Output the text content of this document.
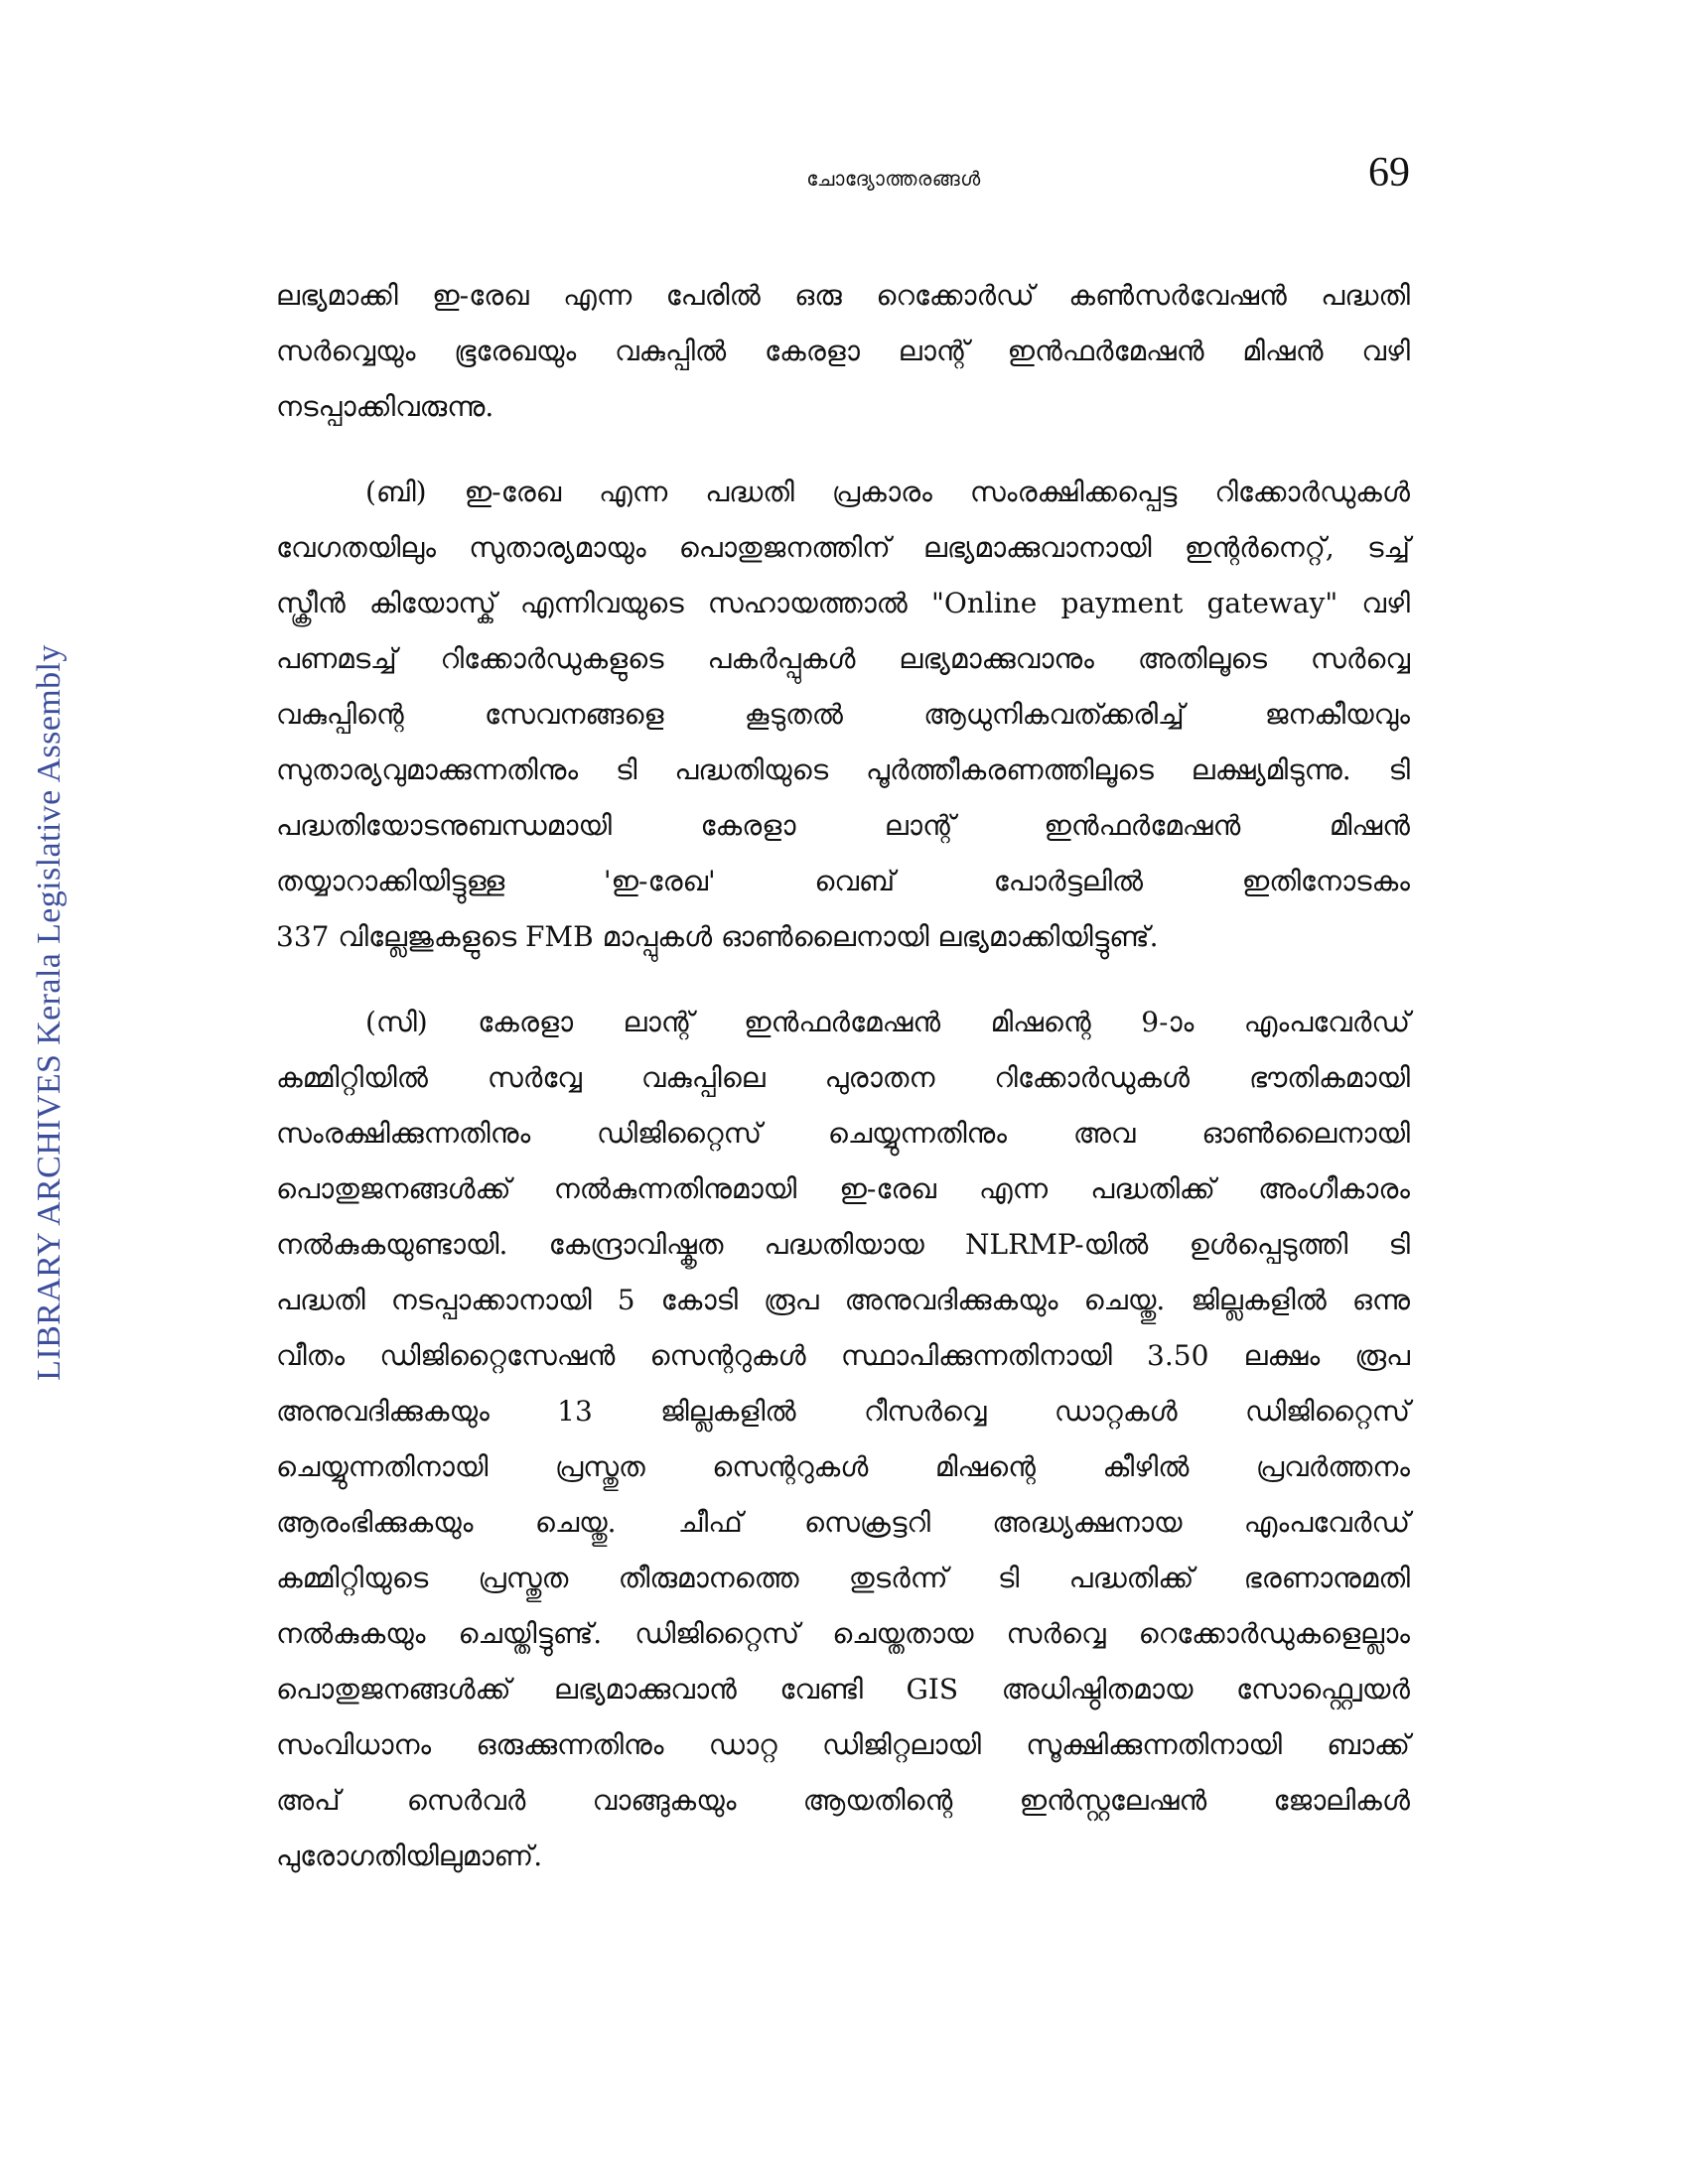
ചോദ്യോത്തരങ്ങൾ	69
LIBRARY ARCHIVES Kerala Legislative Assembly

ലഭ്യമാക്കി ഇ-രേഖ എന്ന പേരിൽ ഒരു റെക്കോർഡ് കൺസർവേഷൻ പദ്ധതി

സർവ്വെയും ഭൂരേഖയും വകുപ്പിൽ കേരളാ ലാന്റ് ഇൻഫർമേഷൻ മിഷൻ വഴി

നടപ്പാക്കിവരുന്നു.

(ബി) ഇ-രേഖ എന്ന പദ്ധതി പ്രകാരം സംരക്ഷിക്കപ്പെട്ട റിക്കോർഡുകൾ

വേഗതയിലും സുതാര്യമായും പൊതുജനത്തിന് ലഭ്യമാക്കുവാനായി ഇന്റർനെറ്റ്, ടച്ച്

സ്ക്രീൻ കിയോസ്ക് എന്നിവയുടെ സഹായത്താൽ "Online payment gateway" വഴി

പണമടച്ച് റിക്കോർഡുകളുടെ പകർപ്പുകൾ ലഭ്യമാക്കുവാനും അതിലൂടെ സർവ്വെ

വകുപ്പിന്റെ സേവനങ്ങളെ കൂടുതൽ ആധുനികവത്ക്കരിച്ച് ജനകീയവും

സുതാര്യവുമാക്കുന്നതിനും ടി പദ്ധതിയുടെ പൂർത്തീകരണത്തിലൂടെ ലക്ഷ്യമിടുന്നു. ടി

പദ്ധതിയോടനുബന്ധമായി കേരളാ ലാന്റ് ഇൻഫർമേഷൻ മിഷൻ

തയ്യാറാക്കിയിട്ടുള്ള 'ഇ-രേഖ' വെബ് പോർട്ടലിൽ ഇതിനോടകം

337 വില്ലേജുകളുടെ FMB മാപ്പുകൾ ഓൺലൈനായി ലഭ്യമാക്കിയിട്ടുണ്ട്.

(സി) കേരളാ ലാന്റ് ഇൻഫർമേഷൻ മിഷന്റെ 9-ാം എംപവേർഡ്

കമ്മിറ്റിയിൽ സർവ്വേ വകുപ്പിലെ പുരാതന റിക്കോർഡുകൾ ഭൗതികമായി

സംരക്ഷിക്കുന്നതിനും ഡിജിറ്റൈസ് ചെയ്യുന്നതിനും അവ ഓൺലൈനായി

പൊതുജനങ്ങൾക്ക് നൽകുന്നതിനുമായി ഇ-രേഖ എന്ന പദ്ധതിക്ക് അംഗീകാരം

നൽകുകയുണ്ടായി. കേന്ദ്രാവിഷ്കൃത പദ്ധതിയായ NLRMP-യിൽ ഉൾപ്പെടുത്തി ടി

പദ്ധതി നടപ്പാക്കാനായി 5 കോടി രൂപ അനുവദിക്കുകയും ചെയ്തു. ജില്ലകളിൽ ഒന്നു

വീതം ഡിജിറ്റൈസേഷൻ സെന്ററുകൾ സ്ഥാപിക്കുന്നതിനായി 3.50 ലക്ഷം രൂപ

അനുവദിക്കുകയും 13 ജില്ലകളിൽ റീസർവ്വെ ഡാറ്റകൾ ഡിജിറ്റൈസ്

ചെയ്യുന്നതിനായി പ്രസ്തുത സെന്ററുകൾ മിഷന്റെ കീഴിൽ പ്രവർത്തനം

ആരംഭിക്കുകയും ചെയ്തു. ചീഫ് സെക്രട്ടറി അദ്ധ്യക്ഷനായ എംപവേർഡ്

കമ്മിറ്റിയുടെ പ്രസ്തുത തീരുമാനത്തെ തുടർന്ന് ടി പദ്ധതിക്ക് ഭരണാനുമതി

നൽകുകയും ചെയ്തിട്ടുണ്ട്. ഡിജിറ്റൈസ് ചെയ്തതായ സർവ്വെ റെക്കോർഡുകളെല്ലാം

പൊതുജനങ്ങൾക്ക് ലഭ്യമാക്കുവാൻ വേണ്ടി GIS അധിഷ്ഠിതമായ സോഫ്റ്റ്വെയർ

സംവിധാനം ഒരുക്കുന്നതിനും ഡാറ്റ ഡിജിറ്റലായി സൂക്ഷിക്കുന്നതിനായി ബാക്ക്

അപ് സെർവർ വാങ്ങുകയും ആയതിന്റെ ഇൻസ്റ്റലേഷൻ ജോലികൾ

പുരോഗതിയിലുമാണ്.
